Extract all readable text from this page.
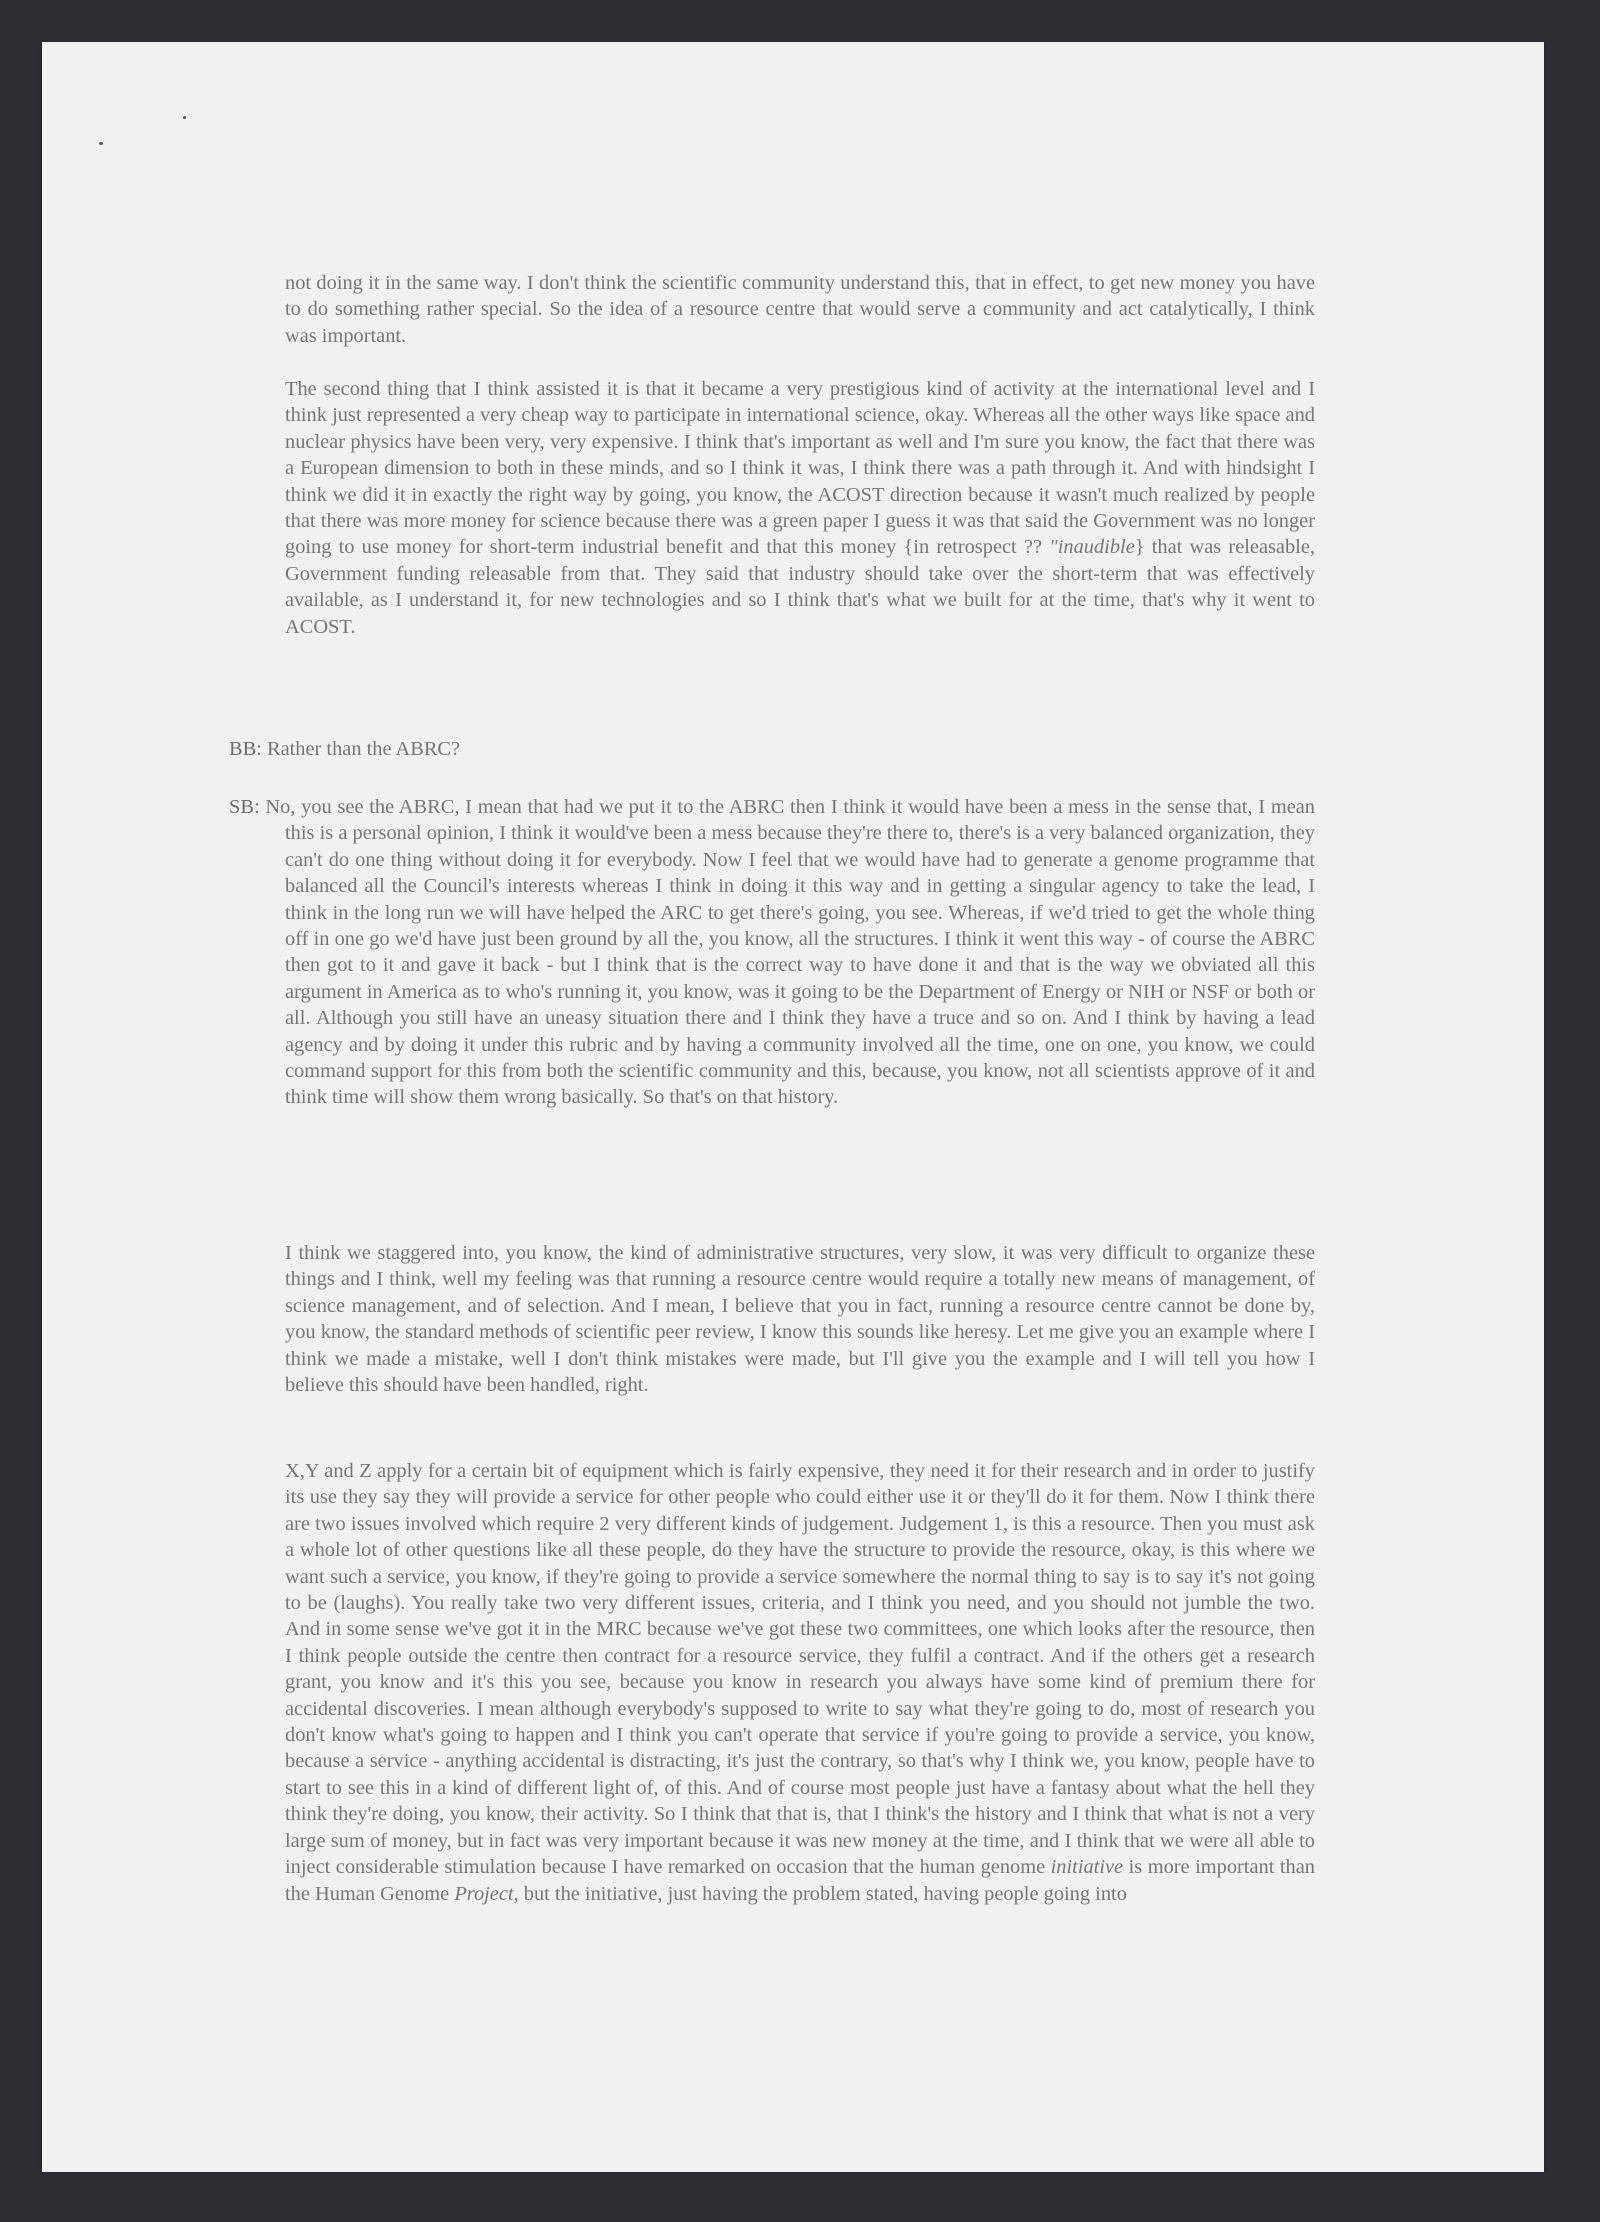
not doing it in the same way. I don't think the scientific community understand this, that in effect, to get new money you have to do something rather special. So the idea of a resource centre that would serve a community and act catalytically, I think was important.
The second thing that I think assisted it is that it became a very prestigious kind of activity at the international level and I think just represented a very cheap way to participate in international science, okay. Whereas all the other ways like space and nuclear physics have been very, very expensive. I think that's important as well and I'm sure you know, the fact that there was a European dimension to both in these minds, and so I think it was, I think there was a path through it. And with hindsight I think we did it in exactly the right way by going, you know, the ACOST direction because it wasn't much realized by people that there was more money for science because there was a green paper I guess it was that said the Government was no longer going to use money for short-term industrial benefit and that this money {in retrospect ?? "inaudible} that was releasable, Government funding releasable from that. They said that industry should take over the short-term that was effectively available, as I understand it, for new technologies and so I think that's what we built for at the time, that's why it went to ACOST.
BB: Rather than the ABRC?
SB: No, you see the ABRC, I mean that had we put it to the ABRC then I think it would have been a mess in the sense that, I mean this is a personal opinion, I think it would've been a mess because they're there to, there's is a very balanced organization, they can't do one thing without doing it for everybody. Now I feel that we would have had to generate a genome programme that balanced all the Council's interests whereas I think in doing it this way and in getting a singular agency to take the lead, I think in the long run we will have helped the ARC to get there's going, you see. Whereas, if we'd tried to get the whole thing off in one go we'd have just been ground by all the, you know, all the structures. I think it went this way - of course the ABRC then got to it and gave it back - but I think that is the correct way to have done it and that is the way we obviated all this argument in America as to who's running it, you know, was it going to be the Department of Energy or NIH or NSF or both or all. Although you still have an uneasy situation there and I think they have a truce and so on. And I think by having a lead agency and by doing it under this rubric and by having a community involved all the time, one on one, you know, we could command support for this from both the scientific community and this, because, you know, not all scientists approve of it and think time will show them wrong basically. So that's on that history.
I think we staggered into, you know, the kind of administrative structures, very slow, it was very difficult to organize these things and I think, well my feeling was that running a resource centre would require a totally new means of management, of science management, and of selection. And I mean, I believe that you in fact, running a resource centre cannot be done by, you know, the standard methods of scientific peer review, I know this sounds like heresy. Let me give you an example where I think we made a mistake, well I don't think mistakes were made, but I'll give you the example and I will tell you how I believe this should have been handled, right.
X,Y and Z apply for a certain bit of equipment which is fairly expensive, they need it for their research and in order to justify its use they say they will provide a service for other people who could either use it or they'll do it for them. Now I think there are two issues involved which require 2 very different kinds of judgement. Judgement 1, is this a resource. Then you must ask a whole lot of other questions like all these people, do they have the structure to provide the resource, okay, is this where we want such a service, you know, if they're going to provide a service somewhere the normal thing to say is to say it's not going to be (laughs). You really take two very different issues, criteria, and I think you need, and you should not jumble the two. And in some sense we've got it in the MRC because we've got these two committees, one which looks after the resource, then I think people outside the centre then contract for a resource service, they fulfil a contract. And if the others get a research grant, you know and it's this you see, because you know in research you always have some kind of premium there for accidental discoveries. I mean although everybody's supposed to write to say what they're going to do, most of research you don't know what's going to happen and I think you can't operate that service if you're going to provide a service, you know, because a service - anything accidental is distracting, it's just the contrary, so that's why I think we, you know, people have to start to see this in a kind of different light of, of this. And of course most people just have a fantasy about what the hell they think they're doing, you know, their activity. So I think that that is, that I think's the history and I think that what is not a very large sum of money, but in fact was very important because it was new money at the time, and I think that we were all able to inject considerable stimulation because I have remarked on occasion that the human genome initiative is more important than the Human Genome Project, but the initiative, just having the problem stated, having people going into
